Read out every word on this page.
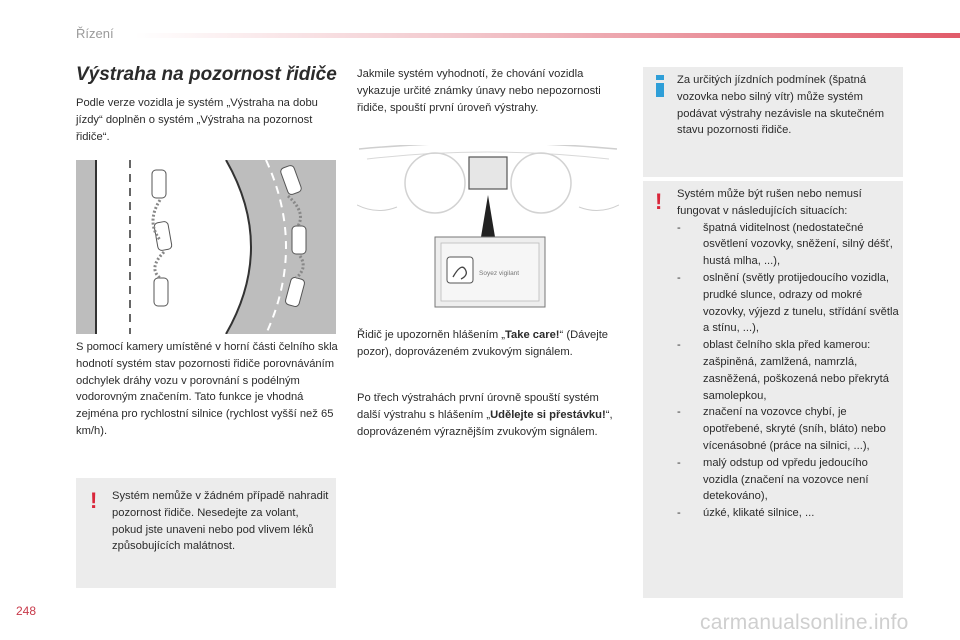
Řízení
Výstraha na pozornost řidiče
Podle verze vozidla je systém „Výstraha na dobu jízdy“ doplněn o systém „Výstraha na pozornost řidiče“.
S pomocí kamery umístěné v horní části čelního skla hodnotí systém stav pozornosti řidiče porovnáváním odchylek dráhy vozu v porovnání s podélným vodorovným značením. Tato funkce je vhodná zejména pro rychlostní silnice (rychlost vyšší než 65 km/h).
! Systém nemůže v žádném případě nahradit pozornost řidiče. Nesedejte za volant, pokud jste unaveni nebo pod vlivem léků způsobujících malátnost.
Jakmile systém vyhodnotí, že chování vozidla vykazuje určité známky únavy nebo nepozornosti řidiče, spouští první úroveň výstrahy.
Soyez vigilant
Řidič je upozorněn hlášením „Take care!“ (Dávejte pozor), doprovázeném zvukovým signálem.
Po třech výstrahách první úrovně spouští systém další výstrahu s hlášením „Udělejte si přestávku!“, doprovázeném výraznějším zvukovým signálem.
Za určitých jízdních podmínek (špatná vozovka nebo silný vítr) může systém podávat výstrahy nezávisle na skutečném stavu pozornosti řidiče.
! Systém může být rušen nebo nemusí fungovat v následujících situacích:
-	špatná viditelnost (nedostatečné osvětlení vozovky, sněžení, silný déšť, hustá mlha, ...),
-	oslnění (světly protijedoucího vozidla, prudké slunce, odrazy od mokré vozovky, výjezd z tunelu, střídání světla a stínu, ...),
-	oblast čelního skla před kamerou: zašpiněná, zamlžená, namrzlá, zasněžená, poškozená nebo překrytá samolepkou,
-	značení na vozovce chybí, je opotřebené, skryté (sníh, bláto) nebo vícenásobné (práce na silnici, ...),
-	malý odstup od vpředu jedoucího vozidla (značení na vozovce není detekováno),
-	úzké, klikaté silnice, ...
248	carmanualsonline.info
